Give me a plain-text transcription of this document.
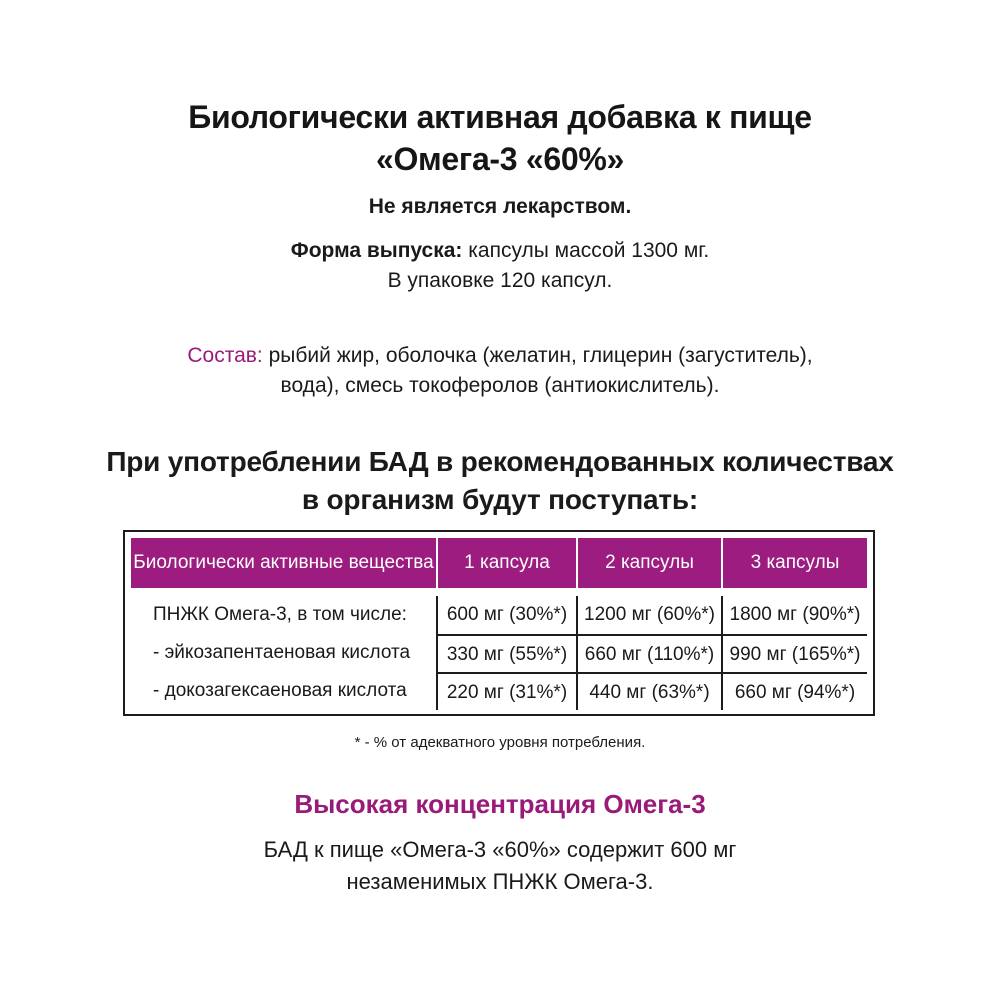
Биологически активная добавка к пище
«Омега-3 «60%»
Не является лекарством.
Форма выпуска: капсулы массой 1300 мг.
В упаковке 120 капсул.
Состав: рыбий жир, оболочка (желатин, глицерин (загуститель),
вода), смесь токоферолов (антиокислитель).
При употреблении БАД в рекомендованных количествах
в организм будут поступать:
Биологически активные вещества	1 капсула	2 капсулы	3 капсулы
ПНЖК Омега-3, в том числе:	600 мг (30%*) 1200 мг (60%*) 1800 мг (90%*)
- эйкозапентаеновая кислота	330 мг (55%*) 660 мг (110%*) 990 мг (165%*)
- докозагексаеновая кислота	220 мг (31%*)	440 мг (63%*)	660 мг (94%*)
* - % от адекватного уровня потребления.
Высокая концентрация Омега-3
БАД к пище «Омега-3 «60%» содержит 600 мг
незаменимых ПНЖК Омега-3.
